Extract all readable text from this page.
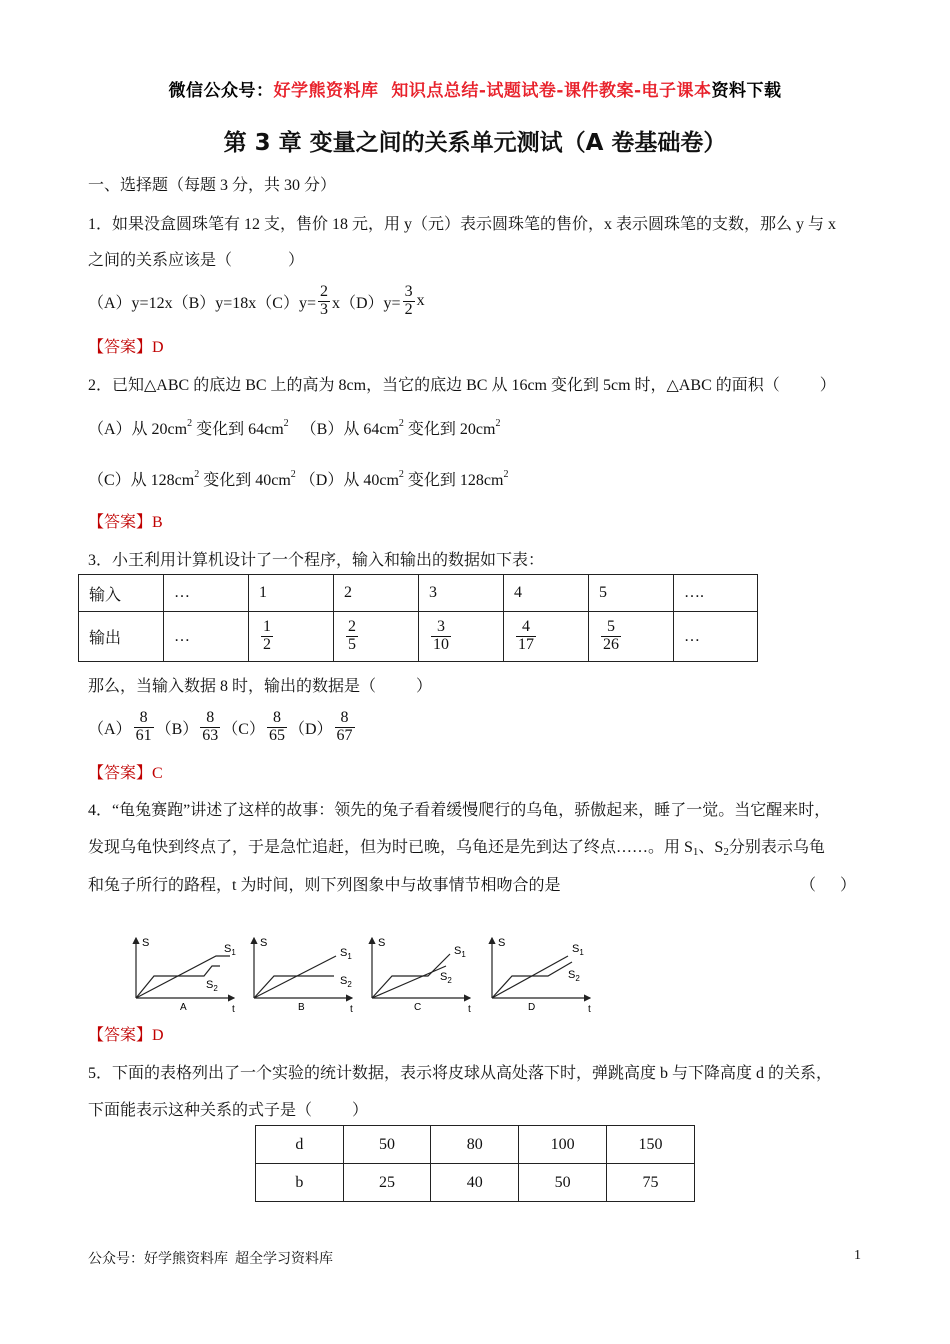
微信公众号：好学熊资料库 知识点总结-试题试卷-课件教案-电子课本资料下载
第 3 章 变量之间的关系单元测试（A 卷基础卷）
一、选择题（每题 3 分，共 30 分）
1．如果没盒圆珠笔有 12 支，售价 18 元，用 y（元）表示圆珠笔的售价，x 表示圆珠笔的支数，那么 y 与 x
之间的关系应该是（              ）
$(A)y=12x(B)y=18x(C)y= \frac{2}{3} x(D)y= \frac{3}{2}$ x
【答案】D
2．已知△ABC 的底边 BC 上的高为 8cm，当它的底边 BC 从 16cm 变化到 5cm 时，△ABC 的面积（          ）
（A）从 $20cm^2$ 变化到 $64cm^2$ （B）从 $64cm^2$ 变化到 $20cm^2$
（C）从 $128cm^2$ 变化到 $40cm^2$ （D）从 $40cm^2$ 变化到 $128cm^2$
【答案】B
3．小王利用计算机设计了一个程序，输入和输出的数据如下表：
输入	…	1	2	3	4	5	….
输出	…	$\frac{1}{2}$	$\frac{2}{5}$	$\frac{3}{10}$	$\frac{4}{17}$	$\frac{5}{26}$	…
那么，当输入数据 8 时，输出的数据是（          ）
$(A) \frac{8}{61} (B) \frac{8}{63} (C) \frac{8}{65} (D) \frac{8}{67}$
【答案】C
4．“龟兔赛跑”讲述了这样的故事：领先的兔子看着缓慢爬行的乌龟，骄傲起来，睡了一觉。当它醒来时，
发现乌龟快到终点了，于是急忙追赶，但为时已晚，乌龟还是先到达了终点……。用 $S_1$、$S_2$分别表示乌龟
和兔子所行的路程，t 为时间，则下列图象中与故事情节相吻合的是	（      ）
S	$S_1$
$S_2$
A	t
S
$S_1$
$S_2$
B	t
S
$S_1$
$S_2$
C	t
S	$S_1$
$S_2$
D	t
【答案】D
5．下面的表格列出了一个实验的统计数据，表示将皮球从高处落下时，弹跳高度 b 与下降高度 d 的关系，
下面能表示这种关系的式子是（          ）
d	50	80	100	150
b	25	40	50	75
公众号：好学熊资料库  超全学习资料库	1
